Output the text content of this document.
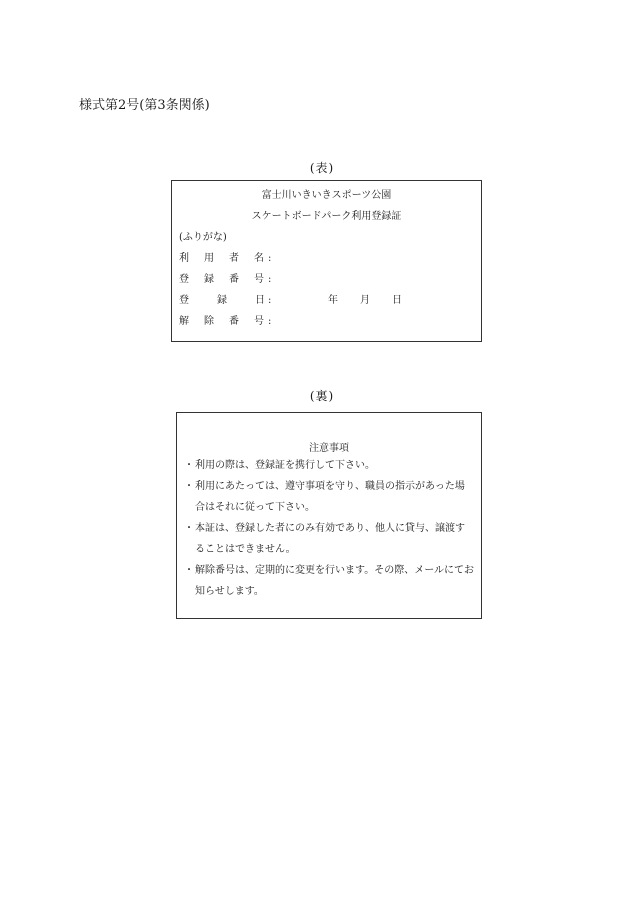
様式第2号(第3条関係)
(表)
富士川いきいきスポーツ公園
スケートボードパーク利用登録証
(ふりがな)
利 用 者 名 :
登 録 番 号 :
登	録	日 :	年 月 日
解 除 番 号 :
(裏)
注意事項
・ 利用の際は、登録証を携行して下さい。
・ 利用にあたっては、遵守事項を守り、職員の指示があった場合はそれに従って下さい。
・ 本証は、登録した者にのみ有効であり、他人に貸与、譲渡することはできません。
・ 解除番号は、定期的に変更を行います。その際、メールにてお知らせします。
